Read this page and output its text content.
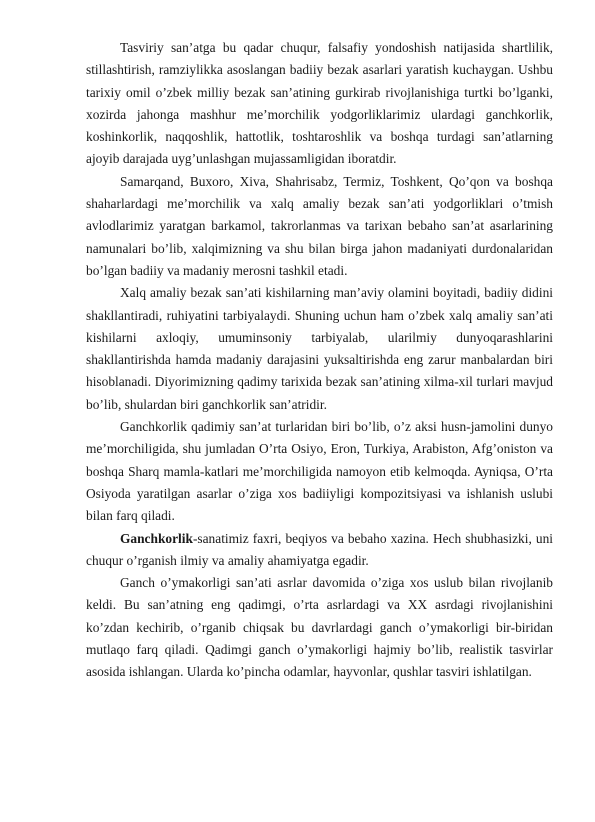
Tasviriy san’atga bu qadar chuqur, falsafiy yondoshish natijasida shartlilik, stillashtirish, ramziylikka asoslangan badiiy bezak asarlari yaratish kuchaygan. Ushbu tarixiy omil o’zbek milliy bezak san’atining gurkirab rivojlanishiga turtki bo’lganki, xozirda jahonga mashhur me’morchilik yodgorliklarimiz ulardagi ganchkorlik, koshinkorlik, naqqoshlik, hattotlik, toshtaroshlik va boshqa turdagi san’atlarning ajoyib darajada uyg’unlashgan mujassamligidan iboratdir.

Samarqand, Buxoro, Xiva, Shahrisabz, Termiz, Toshkent, Qo’qon va boshqa shaharlardagi me’morchilik va xalq amaliy bezak san’ati yodgorliklari o’tmish avlodlarimiz yaratgan barkamol, takrorlanmas va tarixan bebaho san’at asarlarining namunalari bo’lib, xalqimizning va shu bilan birga jahon madaniyati durdonalaridan bo’lgan badiiy va madaniy merosni tashkil etadi.

Xalq amaliy bezak san’ati kishilarning man’aviy olamini boyitadi, badiiy didini shakllantiradi, ruhiyatini tarbiyalaydi. Shuning uchun ham o’zbek xalq amaliy san’ati kishilarni axloqiy, umuminsoniy tarbiyalab, ularilmiy dunyoqarashlarini shakllantirishda hamda madaniy darajasini yuksaltirishda eng zarur manbalardan biri hisoblanadi. Diyorimizning qadimy tarixida bezak san’atining xilma-xil turlari mavjud bo’lib, shulardan biri ganchkorlik san’atridir.

Ganchkorlik qadimiy san’at turlaridan biri bo’lib, o’z aksi husn-jamolini dunyo me’morchiligida, shu jumladan O’rta Osiyo, Eron, Turkiya, Arabiston, Afg’oniston va boshqa Sharq mamla-katlari me’morchiligida namoyon etib kelmoqda. Ayniqsa, O’rta Osiyoda yaratilgan asarlar o’ziga xos badiiyligi kompozitsiyasi va ishlanish uslubi bilan farq qiladi.

Ganchkorlik-sanatimiz faxri, beqiyos va bebaho xazina. Hech shubhasizki, uni chuqur o’rganish ilmiy va amaliy ahamiyatga egadir.

Ganch o’ymakorligi san’ati asrlar davomida o’ziga xos uslub bilan rivojlanib keldi. Bu san’atning eng qadimgi, o’rta asrlardagi va XX asrdagi rivojlanishini ko’zdan kechirib, o’rganib chiqsak bu davrlardagi ganch o’ymakorligi bir-biridan mutlaqo farq qiladi. Qadimgi ganch o’ymakorligi hajmiy bo’lib, realistik tasvirlar asosida ishlangan. Ularda ko’pincha odamlar, hayvonlar, qushlar tasviri ishlatilgan.
